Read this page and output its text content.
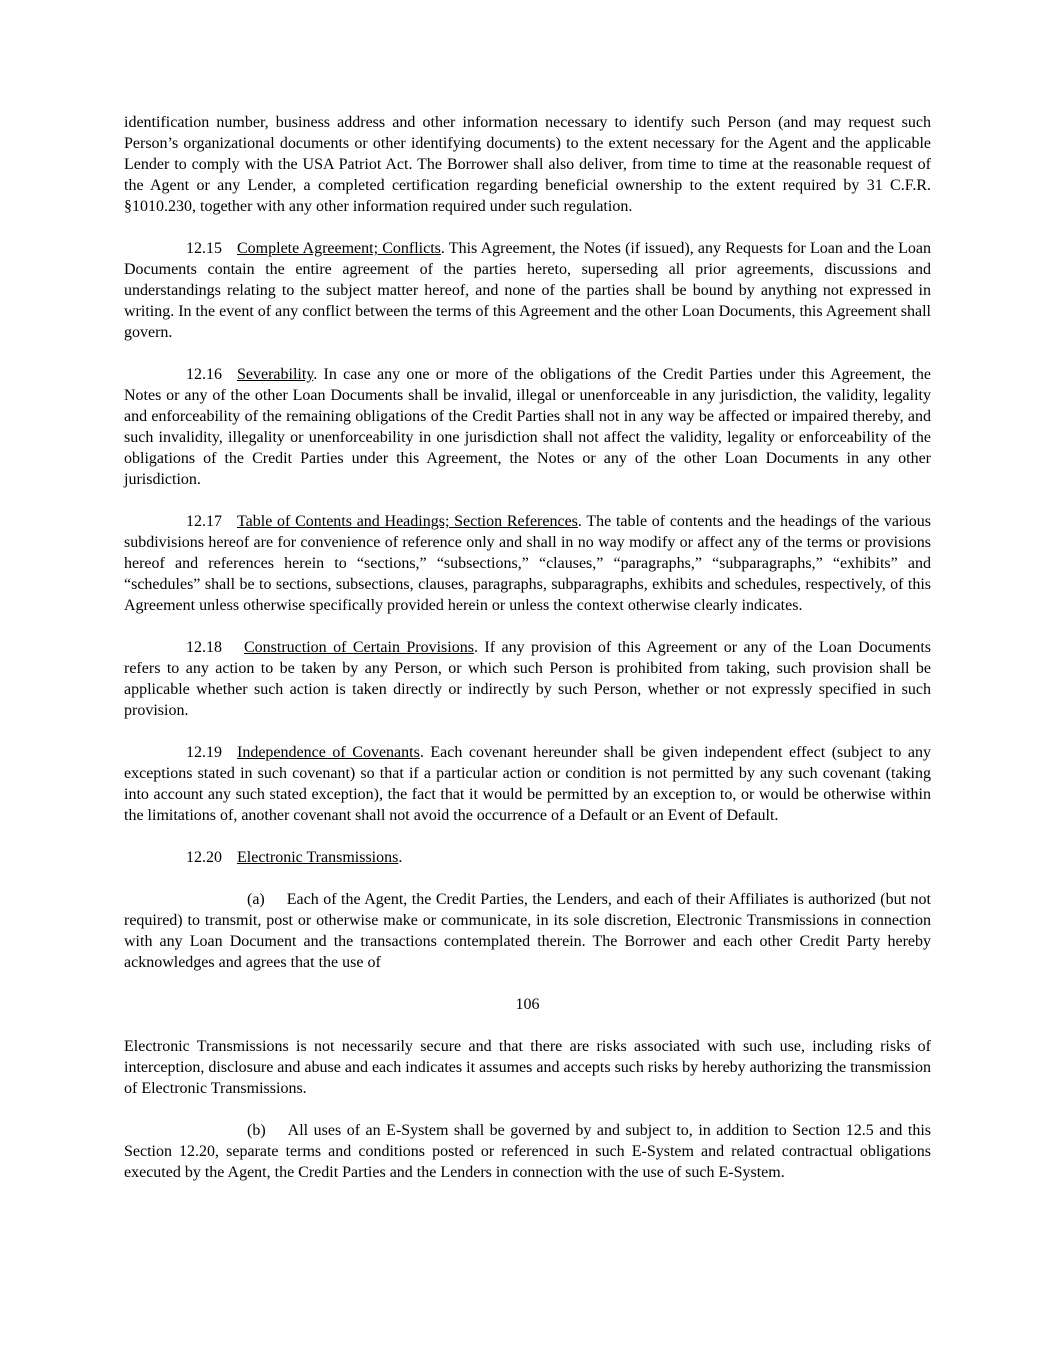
identification number, business address and other information necessary to identify such Person (and may request such Person’s organizational documents or other identifying documents) to the extent necessary for the Agent and the applicable Lender to comply with the USA Patriot Act. The Borrower shall also deliver, from time to time at the reasonable request of the Agent or any Lender, a completed certification regarding beneficial ownership to the extent required by 31 C.F.R. §1010.230, together with any other information required under such regulation.

12.15 Complete Agreement; Conflicts. This Agreement, the Notes (if issued), any Requests for Loan and the Loan Documents contain the entire agreement of the parties hereto, superseding all prior agreements, discussions and understandings relating to the subject matter hereof, and none of the parties shall be bound by anything not expressed in writing. In the event of any conflict between the terms of this Agreement and the other Loan Documents, this Agreement shall govern.

12.16 Severability. In case any one or more of the obligations of the Credit Parties under this Agreement, the Notes or any of the other Loan Documents shall be invalid, illegal or unenforceable in any jurisdiction, the validity, legality and enforceability of the remaining obligations of the Credit Parties shall not in any way be affected or impaired thereby, and such invalidity, illegality or unenforceability in one jurisdiction shall not affect the validity, legality or enforceability of the obligations of the Credit Parties under this Agreement, the Notes or any of the other Loan Documents in any other jurisdiction.

12.17 Table of Contents and Headings; Section References. The table of contents and the headings of the various subdivisions hereof are for convenience of reference only and shall in no way modify or affect any of the terms or provisions hereof and references herein to “sections,” “subsections,” “clauses,” “paragraphs,” “subparagraphs,” “exhibits” and “schedules” shall be to sections, subsections, clauses, paragraphs, subparagraphs, exhibits and schedules, respectively, of this Agreement unless otherwise specifically provided herein or unless the context otherwise clearly indicates.

12.18 Construction of Certain Provisions. If any provision of this Agreement or any of the Loan Documents refers to any action to be taken by any Person, or which such Person is prohibited from taking, such provision shall be applicable whether such action is taken directly or indirectly by such Person, whether or not expressly specified in such provision.

12.19 Independence of Covenants. Each covenant hereunder shall be given independent effect (subject to any exceptions stated in such covenant) so that if a particular action or condition is not permitted by any such covenant (taking into account any such stated exception), the fact that it would be permitted by an exception to, or would be otherwise within the limitations of, another covenant shall not avoid the occurrence of a Default or an Event of Default.

12.20 Electronic Transmissions.

(a) Each of the Agent, the Credit Parties, the Lenders, and each of their Affiliates is authorized (but not required) to transmit, post or otherwise make or communicate, in its sole discretion, Electronic Transmissions in connection with any Loan Document and the transactions contemplated therein. The Borrower and each other Credit Party hereby acknowledges and agrees that the use of

106

Electronic Transmissions is not necessarily secure and that there are risks associated with such use, including risks of interception, disclosure and abuse and each indicates it assumes and accepts such risks by hereby authorizing the transmission of Electronic Transmissions.

(b) All uses of an E-System shall be governed by and subject to, in addition to Section 12.5 and this Section 12.20, separate terms and conditions posted or referenced in such E-System and related contractual obligations executed by the Agent, the Credit Parties and the Lenders in connection with the use of such E-System.
